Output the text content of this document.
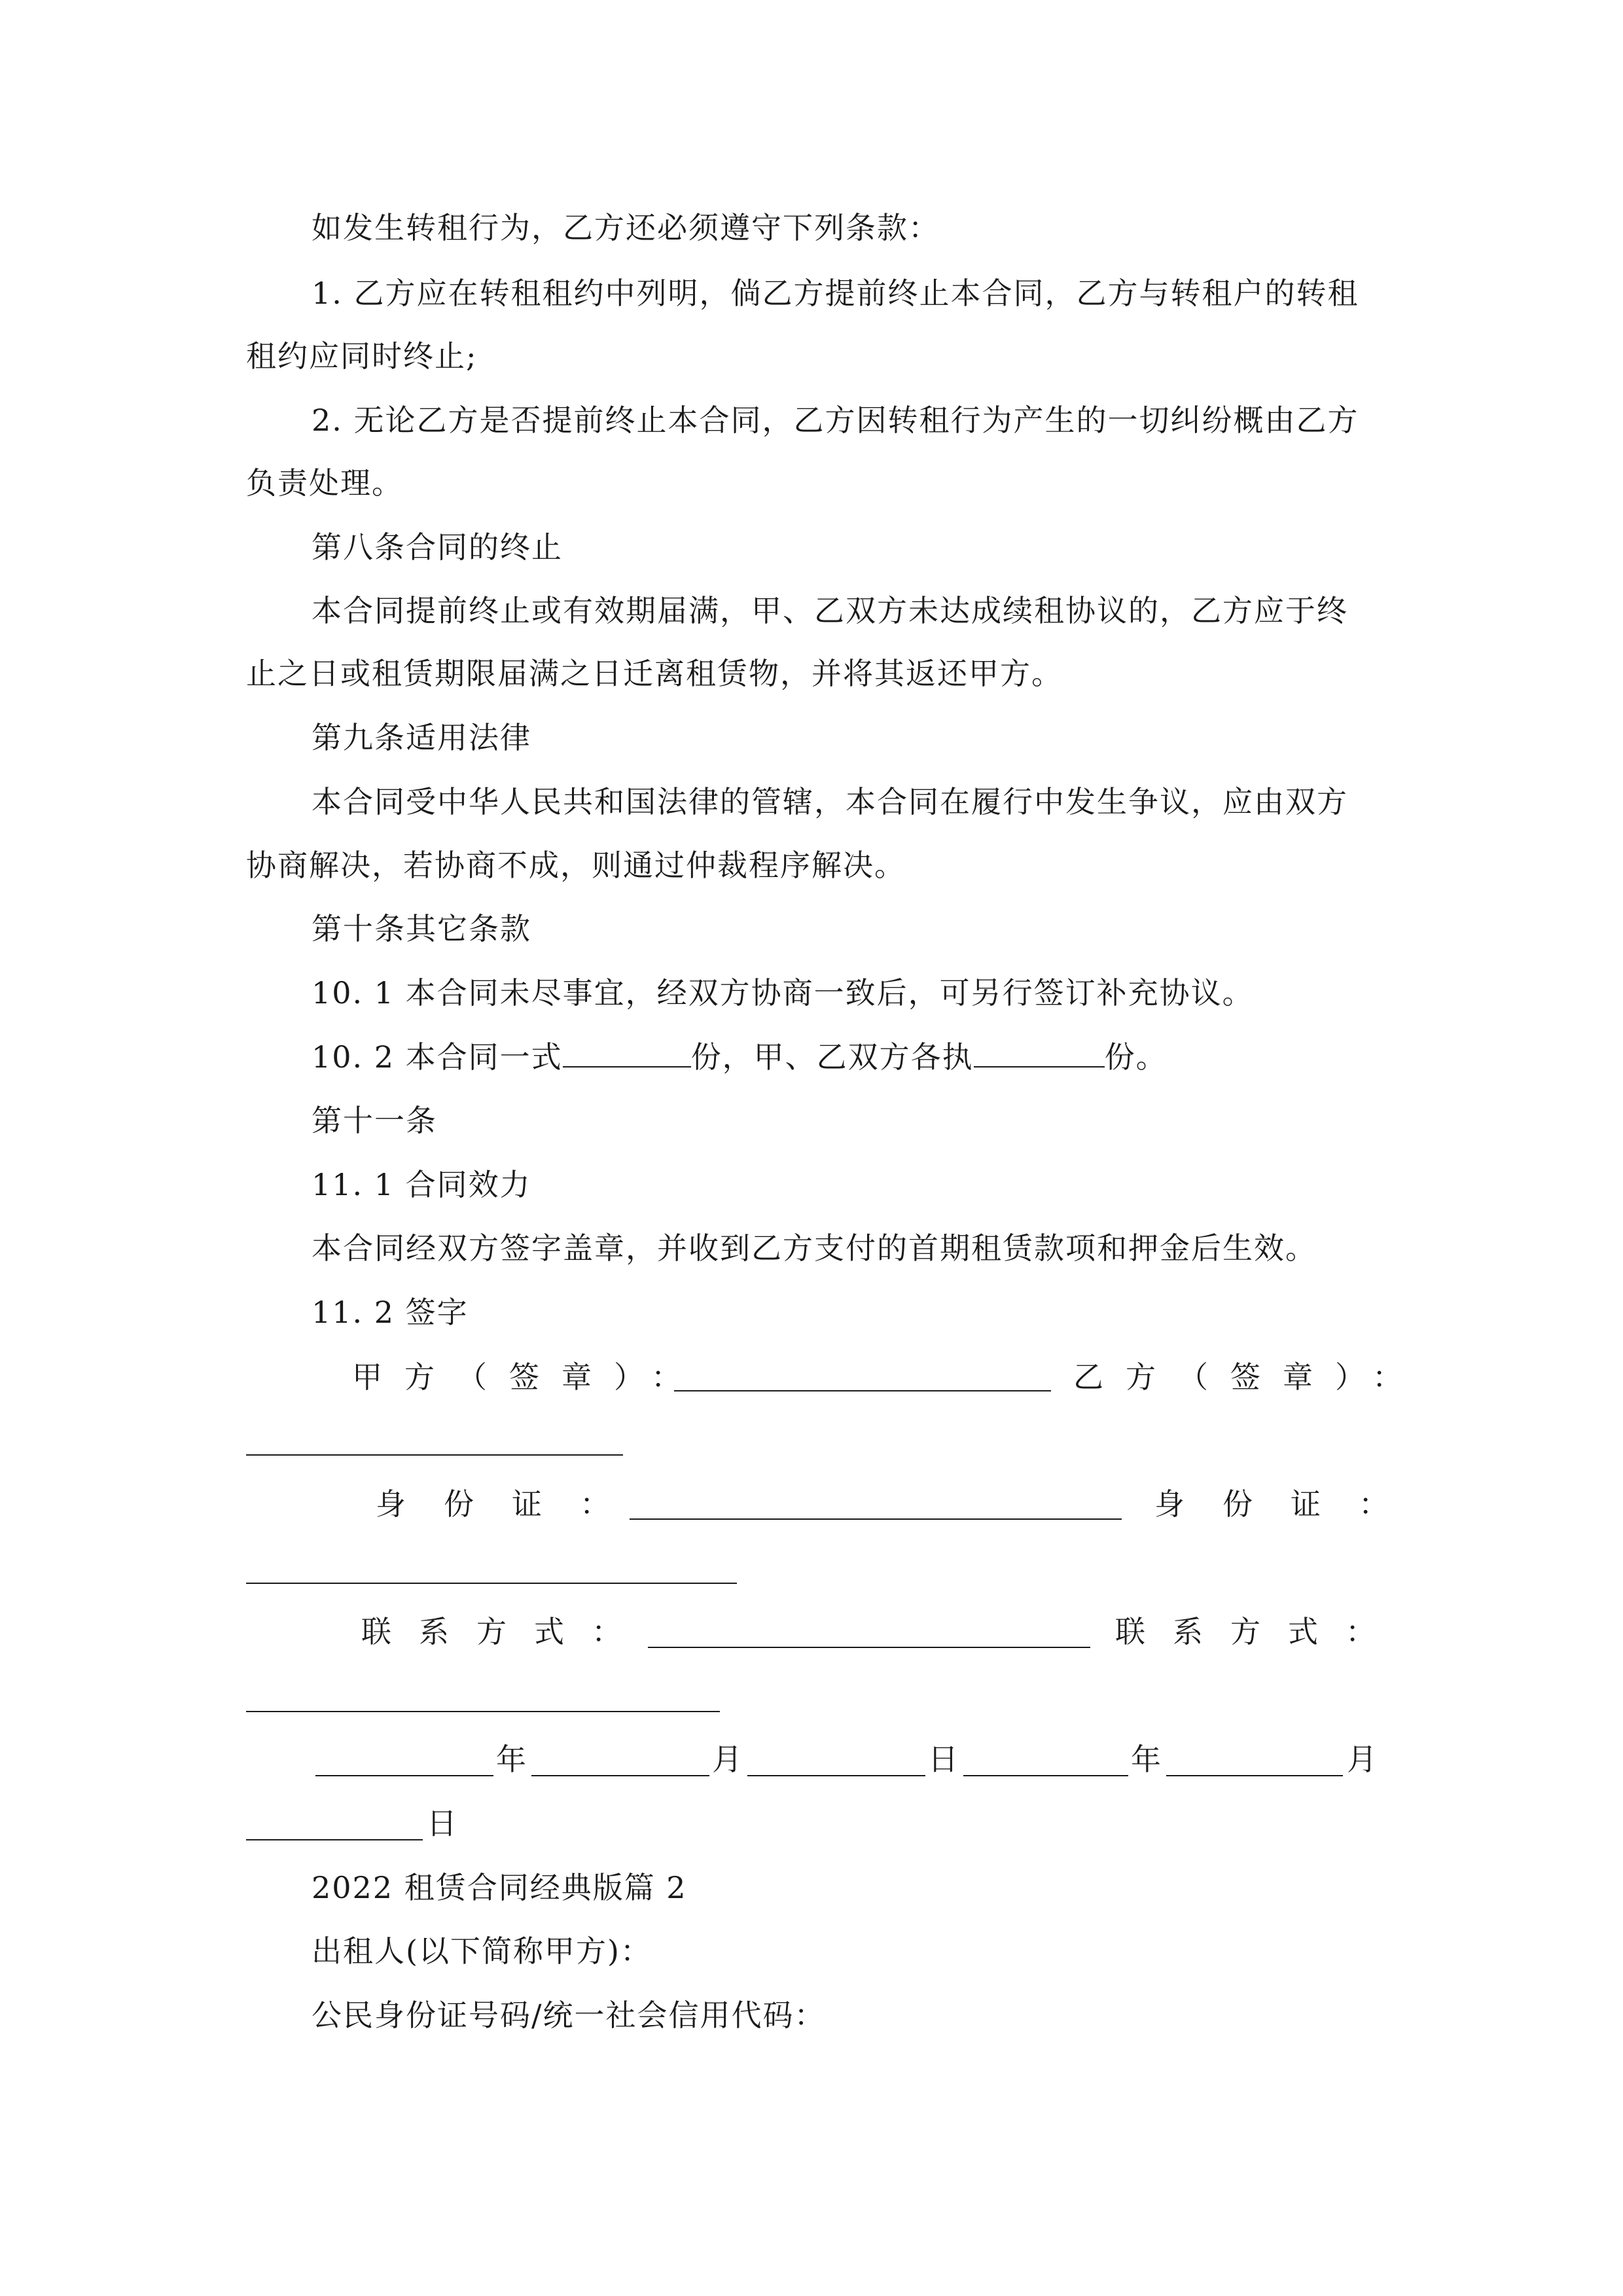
如发生转租行为，乙方还必须遵守下列条款：
1. 乙方应在转租租约中列明，倘乙方提前终止本合同，乙方与转租户的转租
租约应同时终止;
2. 无论乙方是否提前终止本合同，乙方因转租行为产生的一切纠纷概由乙方
负责处理。
第八条合同的终止
本合同提前终止或有效期届满，甲、乙双方未达成续租协议的，乙方应于终
止之日或租赁期限届满之日迁离租赁物，并将其返还甲方。
第九条适用法律
本合同受中华人民共和国法律的管辖，本合同在履行中发生争议，应由双方
协商解决，若协商不成，则通过仲裁程序解决。
第十条其它条款
10. 1 本合同未尽事宜，经双方协商一致后，可另行签订补充协议。
10. 2 本合同一式	份，甲、乙双方各执	份。
第十一条
11. 1 合同效力
本合同经双方签字盖章，并收到乙方支付的首期租赁款项和押金后生效。
11. 2 签字
甲方（签章）：	乙方（签章）：
身份证：	身份证：
联系方式：	联系方式：
年	月	日	年	月
日
2022 租赁合同经典版篇 2
出租人(以下简称甲方)：
公民身份证号码/统一社会信用代码：
